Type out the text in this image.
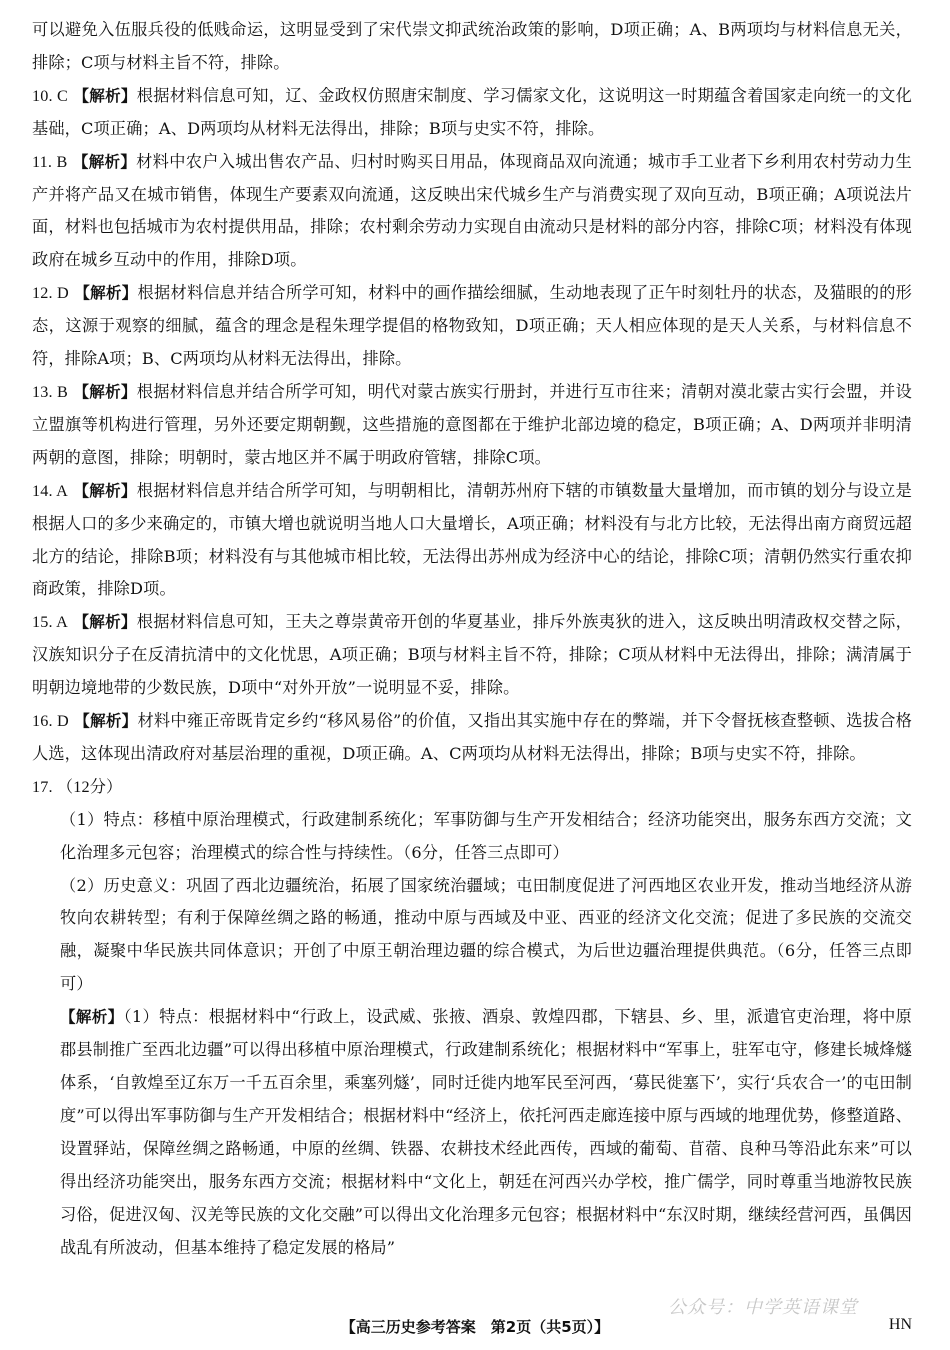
可以避免入伍服兵役的低贱命运，这明显受到了宋代崇文抑武统治政策的影响，D项正确；A、B两项均与材料信息无关，排除；C项与材料主旨不符，排除。

10. C 【解析】根据材料信息可知，辽、金政权仿照唐宋制度、学习儒家文化，这说明这一时期蕴含着国家走向统一的文化基础，C项正确；A、D两项均从材料无法得出，排除；B项与史实不符，排除。

11. B 【解析】材料中农户入城出售农产品、归村时购买日用品，体现商品双向流通；城市手工业者下乡利用农村劳动力生产并将产品又在城市销售，体现生产要素双向流通，这反映出宋代城乡生产与消费实现了双向互动，B项正确；A项说法片面，材料也包括城市为农村提供用品，排除；农村剩余劳动力实现自由流动只是材料的部分内容，排除C项；材料没有体现政府在城乡互动中的作用，排除D项。

12. D 【解析】根据材料信息并结合所学可知，材料中的画作描绘细腻，生动地表现了正午时刻牡丹的状态，及猫眼的的形态，这源于观察的细腻，蕴含的理念是程朱理学提倡的格物致知，D项正确；天人相应体现的是天人关系，与材料信息不符，排除A项；B、C两项均从材料无法得出，排除。

13. B 【解析】根据材料信息并结合所学可知，明代对蒙古族实行册封，并进行互市往来；清朝对漠北蒙古实行会盟，并设立盟旗等机构进行管理，另外还要定期朝觐，这些措施的意图都在于维护北部边境的稳定，B项正确；A、D两项并非明清两朝的意图，排除；明朝时，蒙古地区并不属于明政府管辖，排除C项。

14. A 【解析】根据材料信息并结合所学可知，与明朝相比，清朝苏州府下辖的市镇数量大量增加，而市镇的划分与设立是根据人口的多少来确定的，市镇大增也就说明当地人口大量增长，A项正确；材料没有与北方比较，无法得出南方商贸远超北方的结论，排除B项；材料没有与其他城市相比较，无法得出苏州成为经济中心的结论，排除C项；清朝仍然实行重农抑商政策，排除D项。

15. A 【解析】根据材料信息可知，王夫之尊崇黄帝开创的华夏基业，排斥外族夷狄的进入，这反映出明清政权交替之际，汉族知识分子在反清抗清中的文化忧思，A项正确；B项与材料主旨不符，排除；C项从材料中无法得出，排除；满清属于明朝边境地带的少数民族，D项中“对外开放”一说明显不妥，排除。

16. D 【解析】材料中雍正帝既肯定乡约“移风易俗”的价值，又指出其实施中存在的弊端，并下令督抚核查整顿、选拔合格人选，这体现出清政府对基层治理的重视，D项正确。A、C两项均从材料无法得出，排除；B项与史实不符，排除。

17. （12分）

（1）特点：移植中原治理模式，行政建制系统化；军事防御与生产开发相结合；经济功能突出，服务东西方交流；文化治理多元包容；治理模式的综合性与持续性。（6分，任答三点即可）

（2）历史意义：巩固了西北边疆统治，拓展了国家统治疆域；屯田制度促进了河西地区农业开发，推动当地经济从游牧向农耕转型；有利于保障丝绸之路的畅通，推动中原与西域及中亚、西亚的经济文化交流；促进了多民族的交流交融，凝聚中华民族共同体意识；开创了中原王朝治理边疆的综合模式，为后世边疆治理提供典范。（6分，任答三点即可）

【解析】（1）特点：根据材料中“行政上，设武威、张掖、酒泉、敦煌四郡，下辖县、乡、里，派遣官吏治理，将中原郡县制推广至西北边疆”可以得出移植中原治理模式，行政建制系统化；根据材料中“军事上，驻军屯守，修建长城烽燧体系，‘自敦煌至辽东万一千五百余里，乘塞列燧’，同时迁徙内地军民至河西，‘募民徙塞下’，实行‘兵农合一’的屯田制度”可以得出军事防御与生产开发相结合；根据材料中“经济上，依托河西走廊连接中原与西域的地理优势，修整道路、设置驿站，保障丝绸之路畅通，中原的丝绸、铁器、农耕技术经此西传，西域的葡萄、苜蓿、良种马等沿此东来”可以得出经济功能突出，服务东西方交流；根据材料中“文化上，朝廷在河西兴办学校，推广儒学，同时尊重当地游牧民族习俗，促进汉匈、汉羌等民族的文化交融”可以得出文化治理多元包容；根据材料中“东汉时期，继续经营河西，虽偶因战乱有所波动，但基本维持了稳定发展的格局”

公众号：中学英语课堂
【高三历史参考答案　第2页（共5页）】	HN
